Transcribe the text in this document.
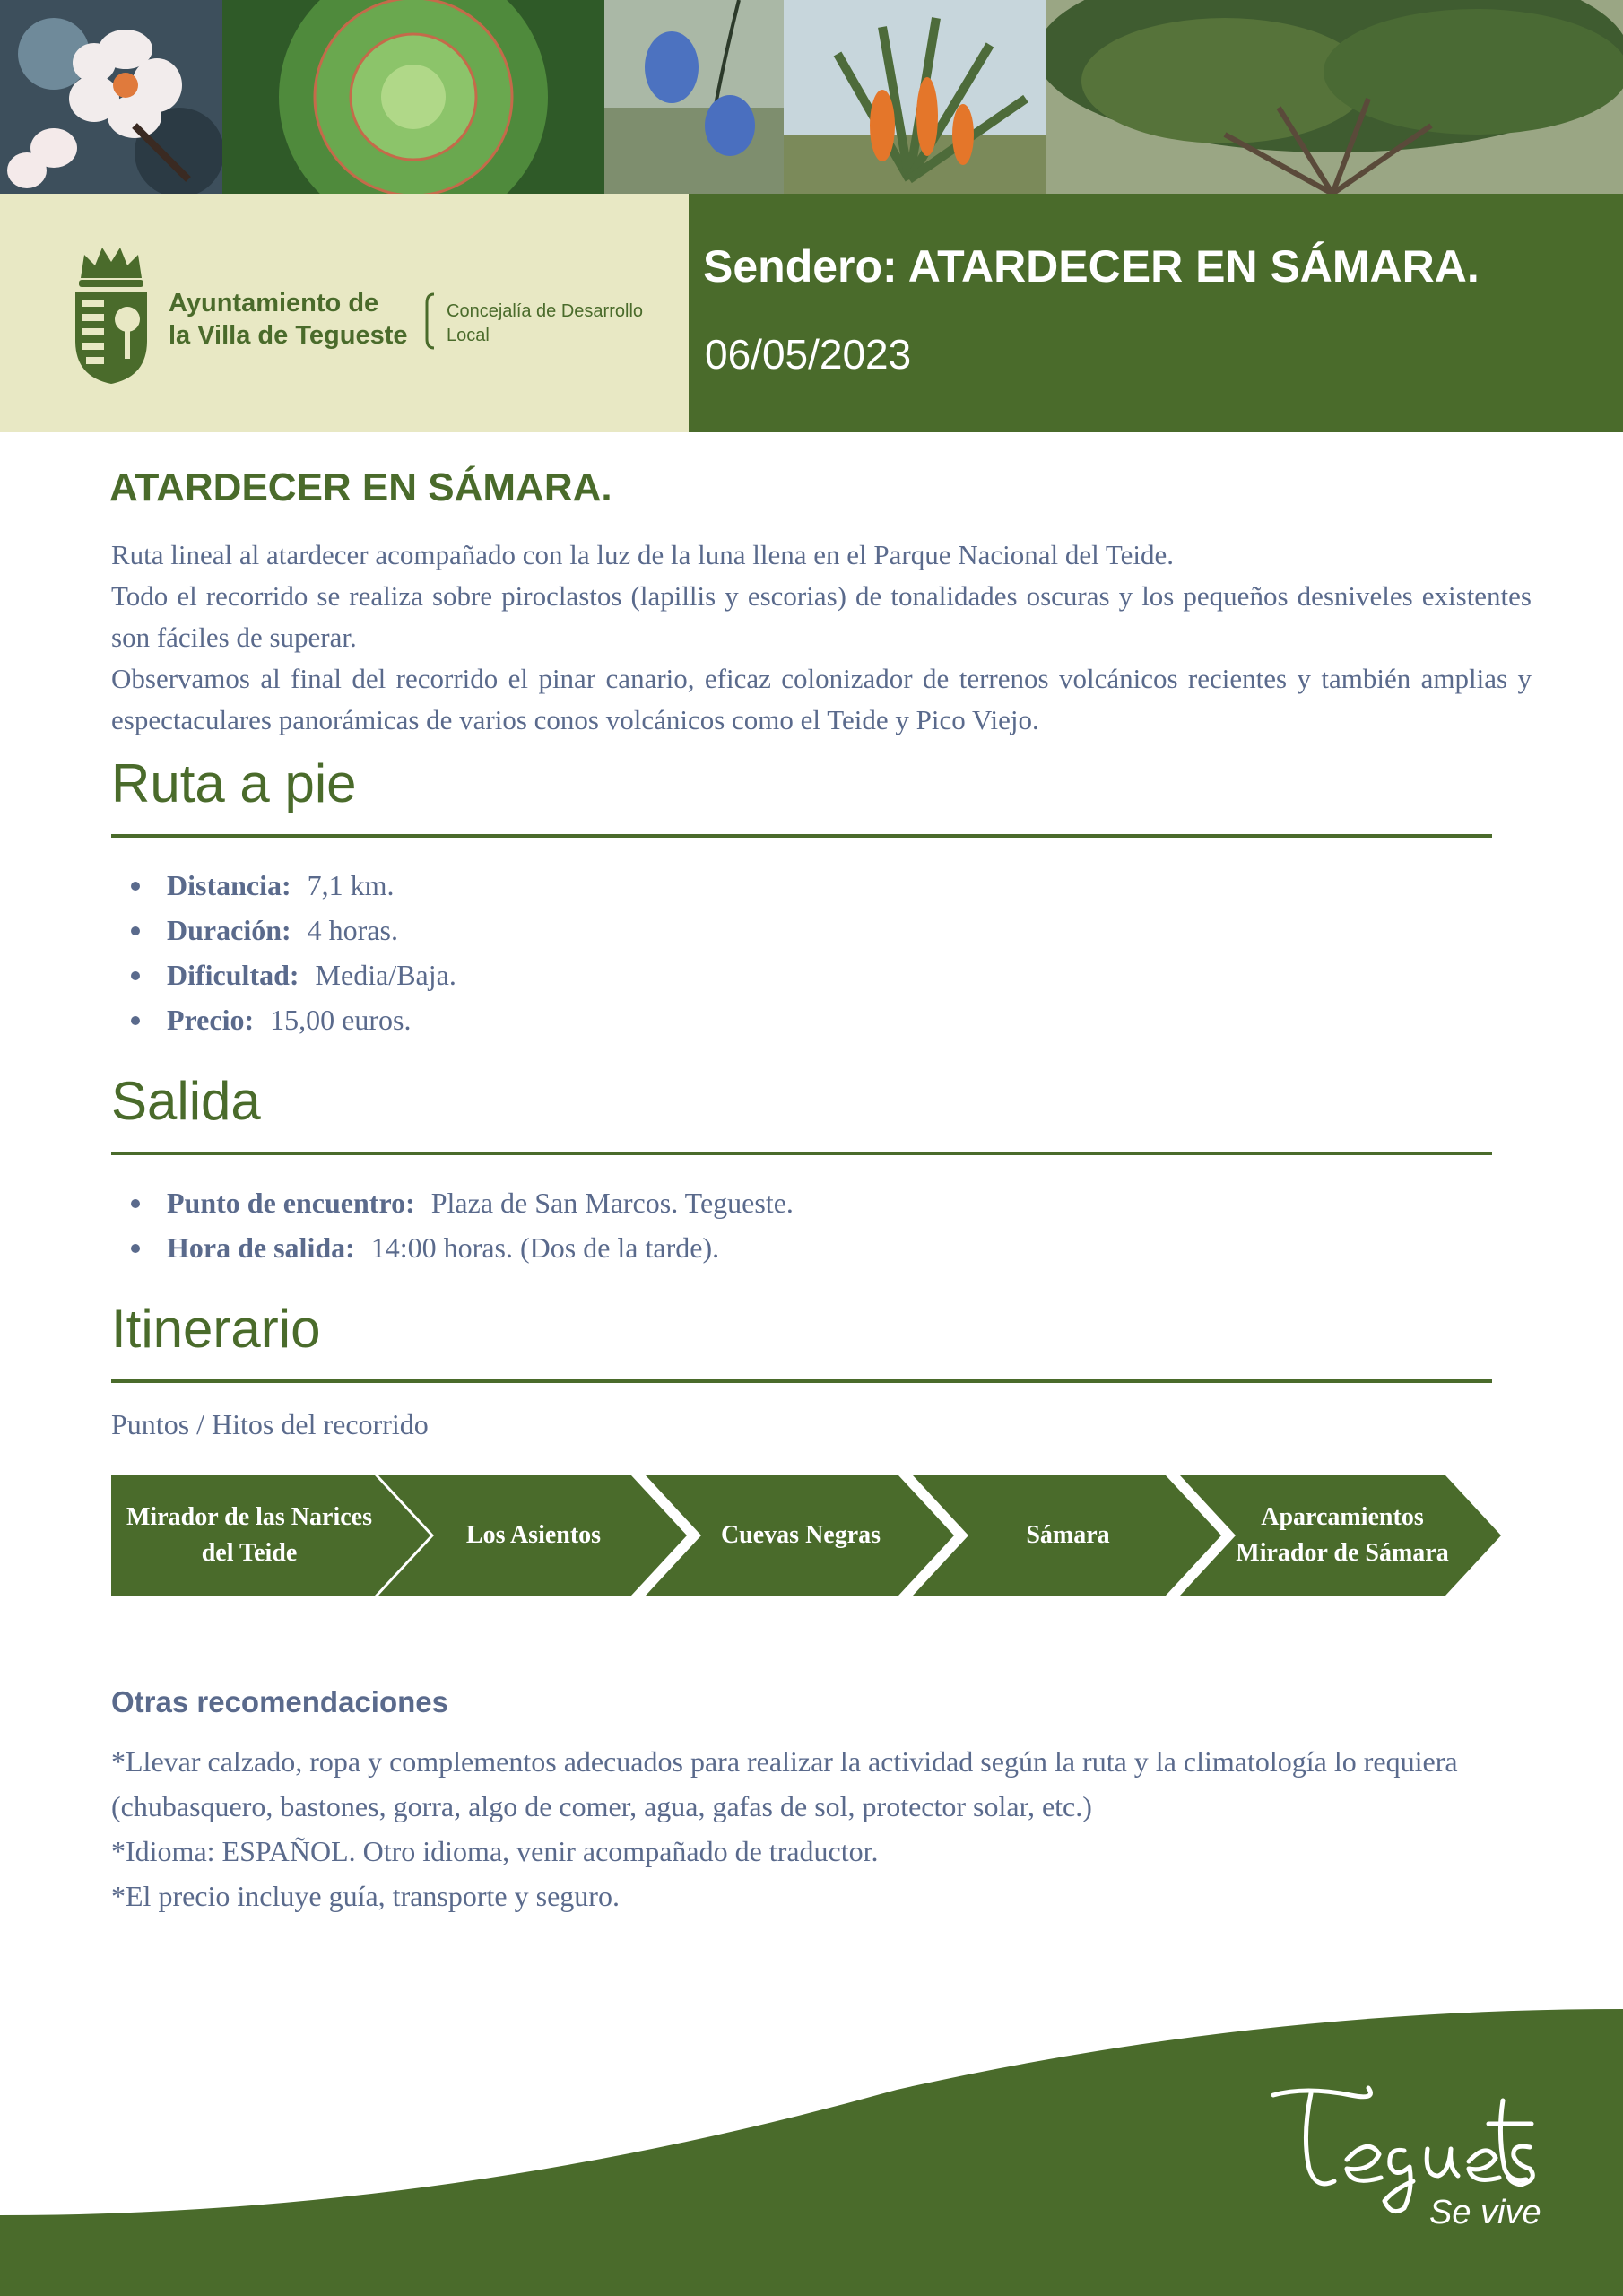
Ayuntamiento de
la Villa de Tegueste
Concejalía de Desarrollo
Local
Sendero: ATARDECER EN SÁMARA.
06/05/2023
ATARDECER EN SÁMARA.

Ruta lineal al atardecer acompañado con la luz de la luna llena en el Parque Nacional del Teide.

Todo el recorrido se realiza sobre piroclastos (lapillis y escorias) de tonalidades oscuras y los pequeños desniveles existentes son fáciles de superar.

Observamos al final del recorrido el pinar canario, eficaz colonizador de terrenos volcánicos recientes y también amplias y espectaculares panorámicas de varios conos volcánicos como el Teide y Pico Viejo.

Ruta a pie
Distancia: 7,1 km.
Duración: 4 horas.
Dificultad: Media/Baja.
Precio: 15,00 euros.
Salida
Punto de encuentro: Plaza de San Marcos. Tegueste.
Hora de salida: 14:00 horas. (Dos de la tarde).
Itinerario
Puntos / Hitos del recorrido
Mirador de las Narices
del Teide
Los Asientos	Cuevas Negras	Sámara
Aparcamientos
Mirador de Sámara
Otras recomendaciones

*Llevar calzado, ropa y complementos adecuados para realizar la actividad según la ruta y la climatología lo requiera (chubasquero, bastones, gorra, algo de comer, agua, gafas de sol, protector solar, etc.)

*Idioma: ESPAÑOL. Otro idioma, venir acompañado de traductor.

*El precio incluye guía, transporte y seguro.

Se vive
